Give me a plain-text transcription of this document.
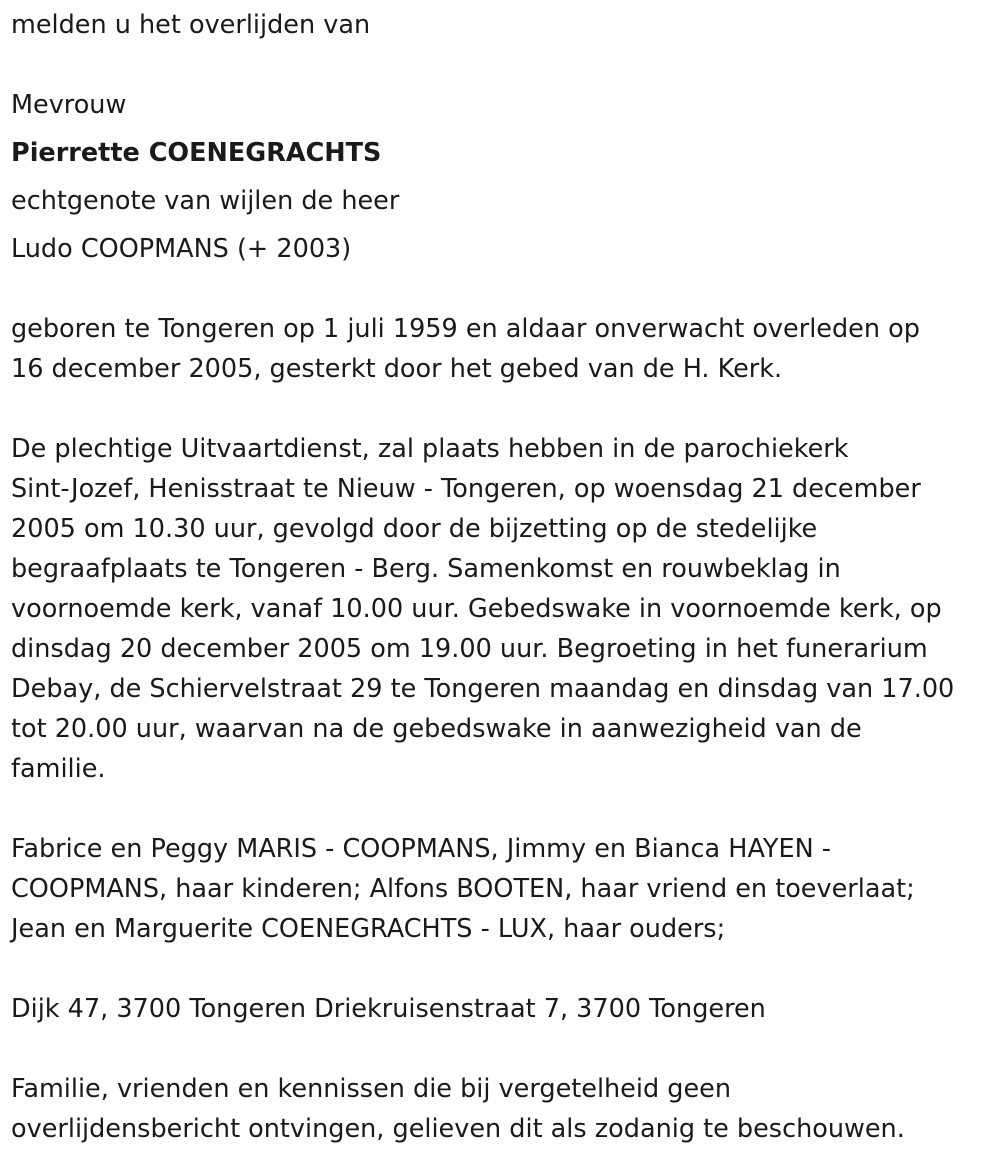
melden u het overlijden van
Mevrouw
Pierrette COENEGRACHTS
echtgenote van wijlen de heer
Ludo COOPMANS (+ 2003)
geboren te Tongeren op 1 juli 1959 en aldaar onverwacht overleden op
16 december 2005, gesterkt door het gebed van de H. Kerk.
De plechtige Uitvaartdienst, zal plaats hebben in de parochiekerk
Sint-Jozef, Henisstraat te Nieuw - Tongeren, op woensdag 21 december
2005 om 10.30 uur, gevolgd door de bijzetting op de stedelijke
begraafplaats te Tongeren - Berg. Samenkomst en rouwbeklag in
voornoemde kerk, vanaf 10.00 uur. Gebedswake in voornoemde kerk, op
dinsdag 20 december 2005 om 19.00 uur. Begroeting in het funerarium
Debay, de Schiervelstraat 29 te Tongeren maandag en dinsdag van 17.00
tot 20.00 uur, waarvan na de gebedswake in aanwezigheid van de
familie.
Fabrice en Peggy MARIS - COOPMANS, Jimmy en Bianca HAYEN -
COOPMANS, haar kinderen; Alfons BOOTEN, haar vriend en toeverlaat;
Jean en Marguerite COENEGRACHTS - LUX, haar ouders;
Dijk 47, 3700 Tongeren Driekruisenstraat 7, 3700 Tongeren
Familie, vrienden en kennissen die bij vergetelheid geen
overlijdensbericht ontvingen, gelieven dit als zodanig te beschouwen.
